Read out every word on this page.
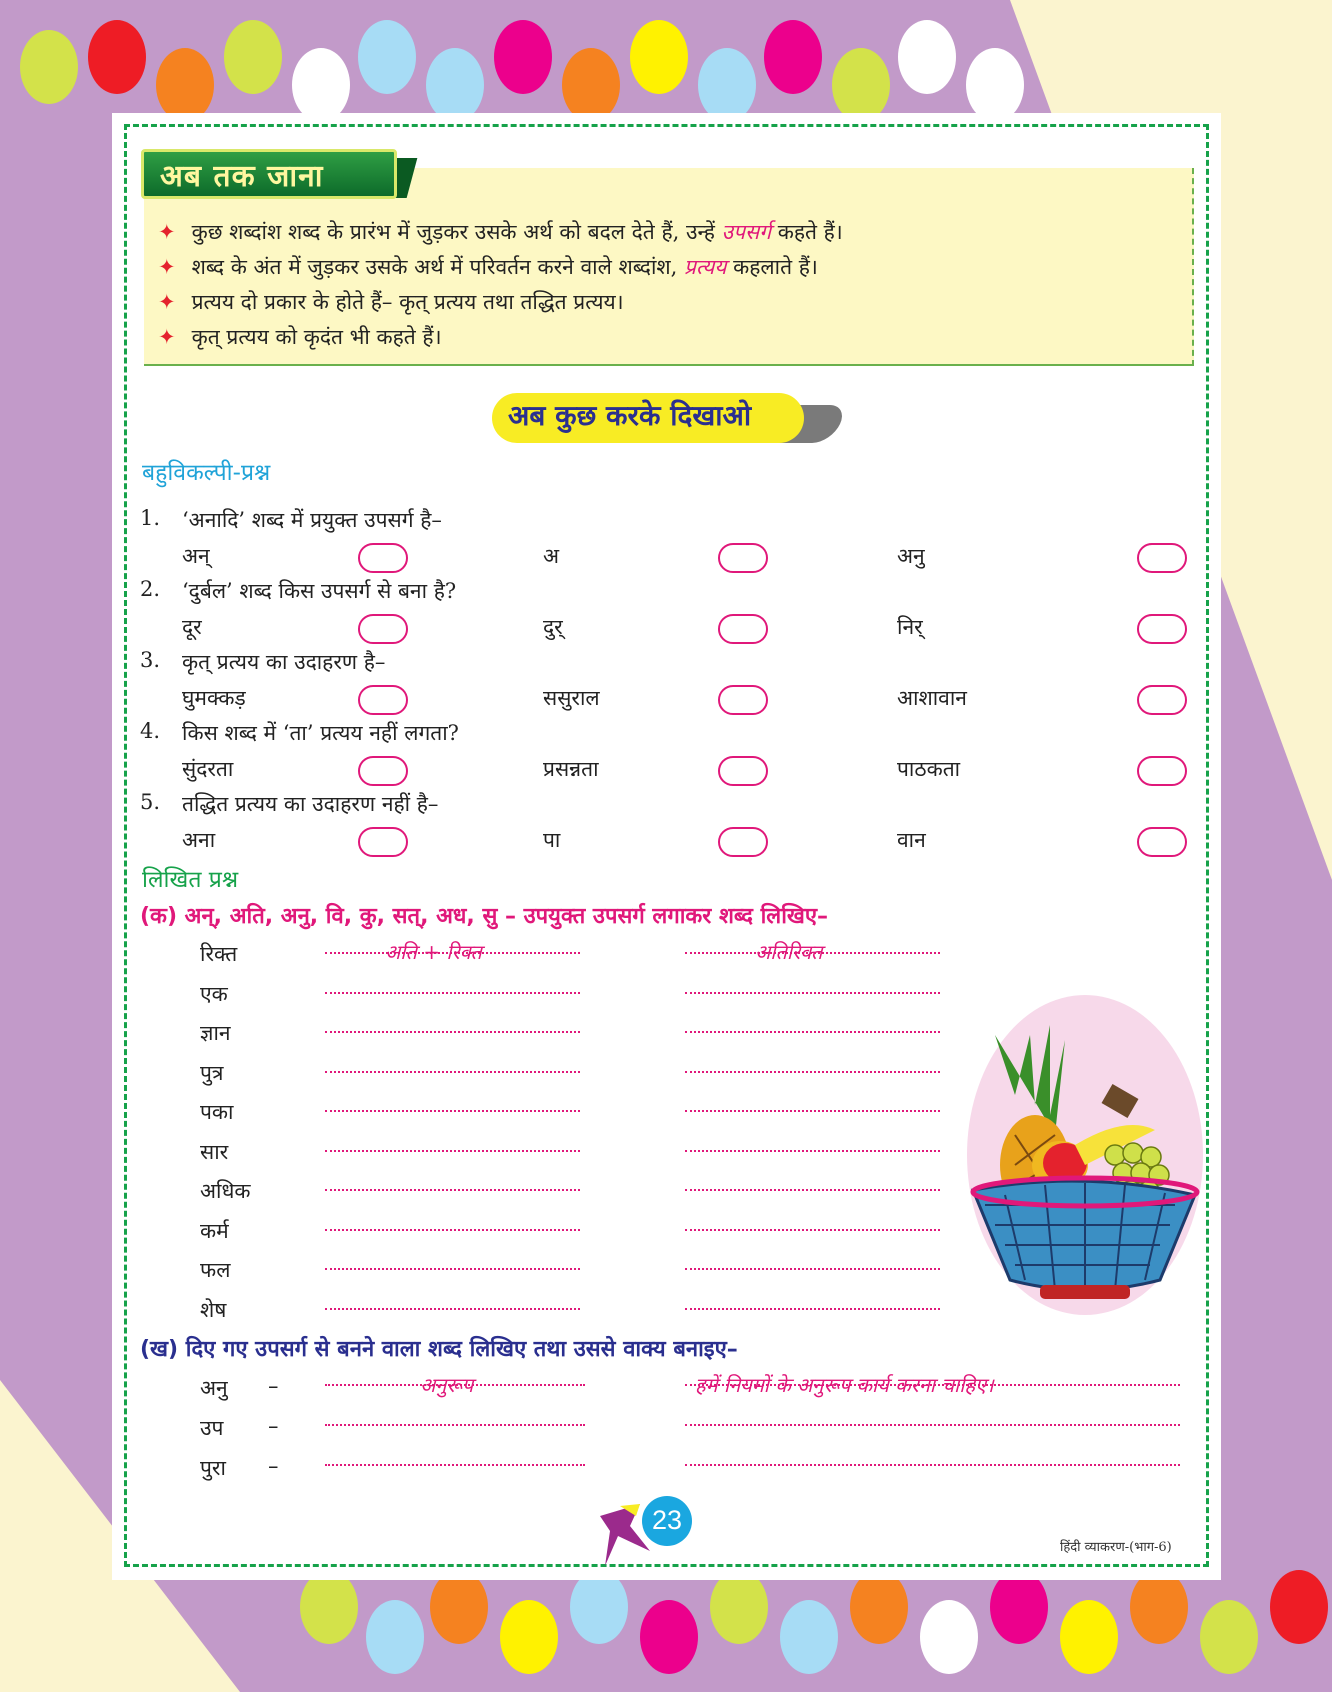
अब तक जाना
✦ कुछ शब्दांश शब्द के प्रारंभ में जुड़कर उसके अर्थ को बदल देते हैं, उन्हें उपसर्ग कहते हैं।
✦ शब्द के अंत में जुड़कर उसके अर्थ में परिवर्तन करने वाले शब्दांश, प्रत्यय कहलाते हैं।
✦ प्रत्यय दो प्रकार के होते हैं– कृत् प्रत्यय तथा तद्धित प्रत्यय।
✦ कृत् प्रत्यय को कृदंत भी कहते हैं।
अब कुछ करके दिखाओ
बहुविकल्पी-प्रश्न
1. ‘अनादि’ शब्द में प्रयुक्त उपसर्ग है–
अन्	अ	अनु
2. ‘दुर्बल’ शब्द किस उपसर्ग से बना है?
दूर	दुर्	निर्
3. कृत् प्रत्यय का उदाहरण है–
घुमक्कड़	ससुराल	आशावान
4. किस शब्द में ‘ता’ प्रत्यय नहीं लगता?
सुंदरता	प्रसन्नता	पाठकता
5. तद्धित प्रत्यय का उदाहरण नहीं है–
अना	पा	वान
लिखित प्रश्न
(क) अन्, अति, अनु, वि, कु, सत्, अध, सु – उपयुक्त उपसर्ग लगाकर शब्द लिखिए–
रिक्त	अति + रिक्त	अतिरिक्त
एक
ज्ञान
पुत्र
पका
सार
अधिक
कर्म
फल
शेष
(ख) दिए गए उपसर्ग से बनने वाला शब्द लिखिए तथा उससे वाक्य बनाइए–
अनु –	अनुरूप	हमें नियमों के अनुरूप कार्य करना चाहिए।
उप –
पुरा –
23
हिंदी व्याकरण-(भाग-6)
